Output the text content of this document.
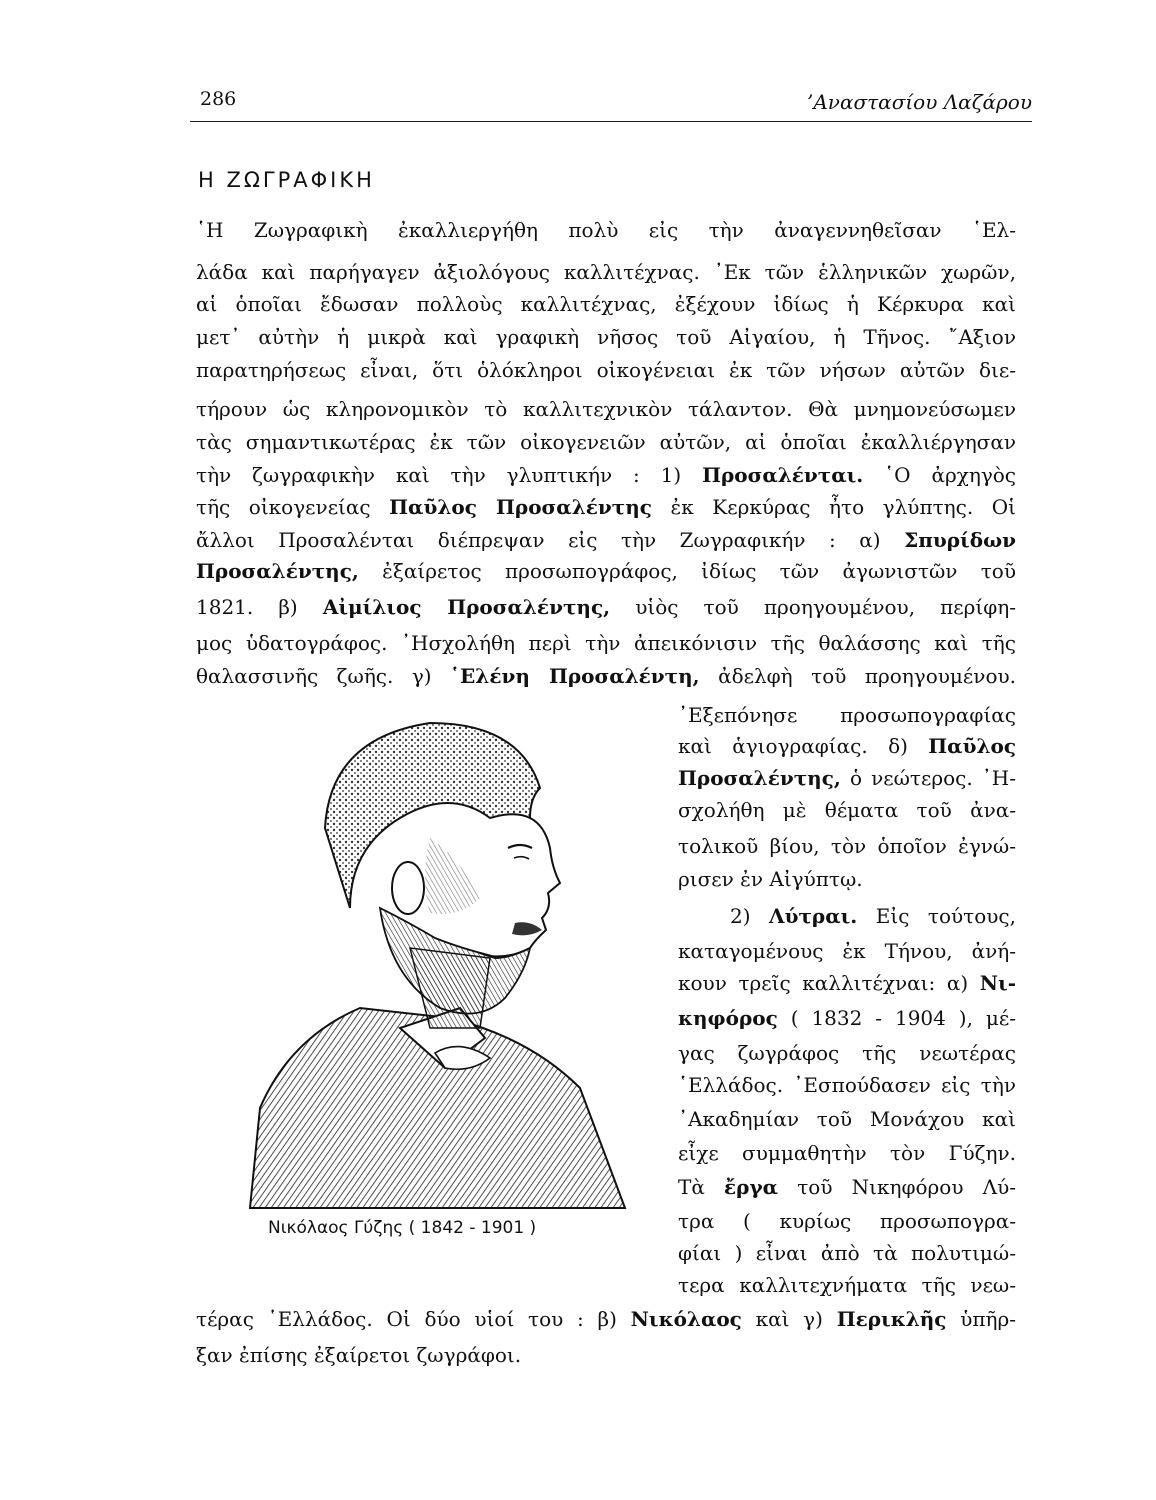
286	’Αναστασίου Λαζάρου
Η ΖΩΓΡΑΦΙΚΗ
῾Η Ζωγραφικὴ ἐκαλλιεργήθη πολὺ εἰς τὴν ἀναγεννηθεῖσαν ῾Ελ-
λάδα καὶ παρήγαγεν ἀξιολόγους καλλιτέχνας. ᾿Εκ τῶν ἑλληνικῶν χωρῶν,
αἱ ὁποῖαι ἔδωσαν πολλοὺς καλλιτέχνας, ἐξέχουν ἰδίως ἡ Κέρκυρα καὶ
μετ᾿ αὐτὴν ἡ μικρὰ καὶ γραφικὴ νῆσος τοῦ Αἰγαίου, ἡ Τῆνος. ῎Αξιον
παρατηρήσεως εἶναι, ὅτι ὁλόκληροι οἰκογένειαι ἐκ τῶν νήσων αὐτῶν διε-
τήρουν ὡς κληρονομικὸν τὸ καλλιτεχνικὸν τάλαντον. Θὰ μνημονεύσωμεν
τὰς σημαντικωτέρας ἐκ τῶν οἰκογενειῶν αὐτῶν, αἱ ὁποῖαι ἐκαλλιέργησαν
τὴν ζωγραφικὴν καὶ τὴν γλυπτικήν : 1) Προσαλένται. ῾Ο ἀρχηγὸς
τῆς οἰκογενείας Παῦλος Προσαλέντης ἐκ Κερκύρας ἦτο γλύπτης. Οἱ
ἄλλοι Προσαλένται διέπρεψαν εἰς τὴν Ζωγραφικήν : α) Σπυρίδων
Προσαλέντης, ἐξαίρετος προσωπογράφος, ἰδίως τῶν ἀγωνιστῶν τοῦ
1821. β) Αἰμίλιος Προσαλέντης, υἱὸς τοῦ προηγουμένου, περίφη-
μος ὑδατογράφος. ᾿Ησχολήθη περὶ τὴν ἀπεικόνισιν τῆς θαλάσσης καὶ τῆς
θαλασσινῆς ζωῆς. γ) ῾Ελένη Προσαλέντη, ἀδελφὴ τοῦ προηγουμένου.
᾿Εξεπόνησε προσωπογραφίας
καὶ ἁγιογραφίας. δ) Παῦλος
Προσαλέντης, ὁ νεώτερος. ᾿Η-
σχολήθη μὲ θέματα τοῦ ἀνα-
τολικοῦ βίου, τὸν ὁποῖον ἐγνώ-
ρισεν ἐν Αἰγύπτῳ.
2) Λύτραι. Εἰς τούτους,
καταγομένους ἐκ Τήνου, ἀνή-
κουν τρεῖς καλλιτέχναι: α) Νι-
κηφόρος ( 1832 - 1904 ), μέ-
γας ζωγράφος τῆς νεωτέρας
῾Ελλάδος. ᾿Εσπούδασεν εἰς τὴν
᾿Ακαδημίαν τοῦ Μονάχου καὶ
εἶχε συμμαθητὴν τὸν Γύζην.
Τὰ ἔργα τοῦ Νικηφόρου Λύ-
τρα ( κυρίως προσωπογρα-
φίαι ) εἶναι ἀπὸ τὰ πολυτιμώ-
τερα καλλιτεχνήματα τῆς νεω-
τέρας ῾Ελλάδος. Οἱ δύο υἱοί του : β) Νικόλαος καὶ γ) Περικλῆς ὑπῆρ-
ξαν ἐπίσης ἐξαίρετοι ζωγράφοι.
Νικόλαος Γύζης ( 1842 - 1901 )
